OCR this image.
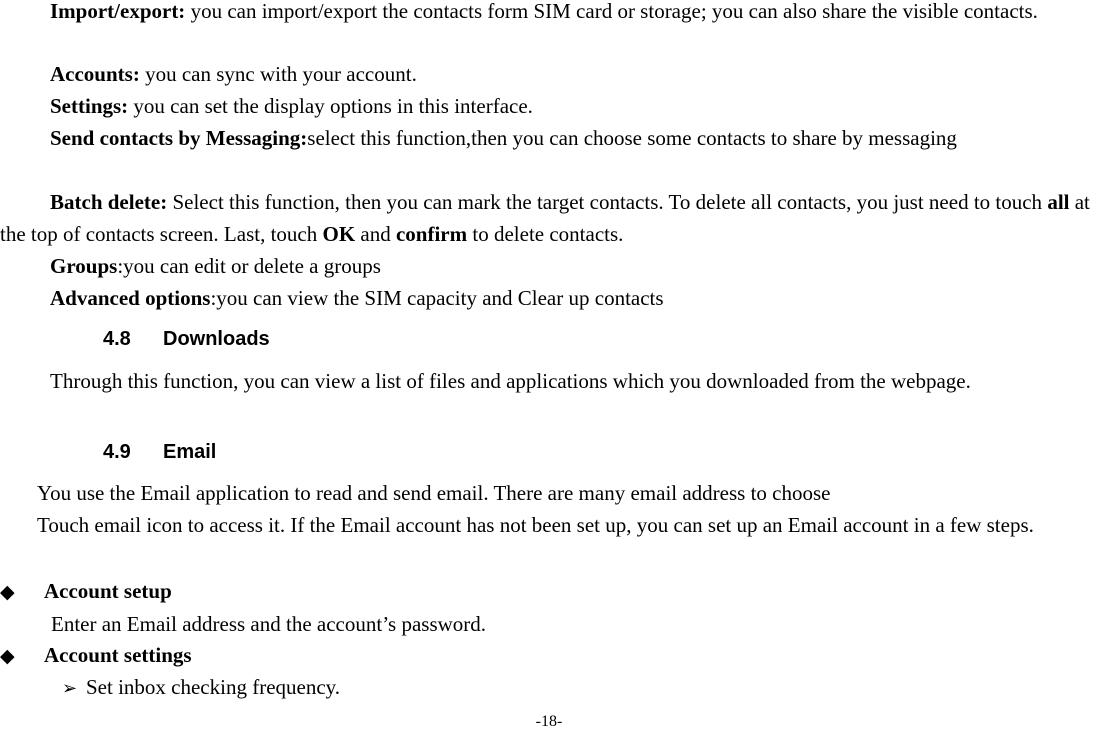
Import/export: you can import/export the contacts form SIM card or storage; you can also share the visible contacts.

Accounts: you can sync with your account.

Settings: you can set the display options in this interface.

Send contacts by Messaging:select this function,then you can choose some contacts to share by messaging

Batch delete: Select this function, then you can mark the target contacts. To delete all contacts, you just need to touch all at the top of contacts screen. Last, touch OK and confirm to delete contacts.

Groups:you can edit or delete a groups

Advanced options:you can view the SIM capacity and Clear up contacts

4.8 Downloads

Through this function, you can view a list of files and applications which you downloaded from the webpage.

4.9 Email

You use the Email application to read and send email. There are many email address to choose

Touch email icon to access it. If the Email account has not been set up, you can set up an Email account in a few steps.

◆ Account setup

Enter an Email address and the account’s password.

◆ Account settings
➢ Set inbox checking frequency.
-18-
